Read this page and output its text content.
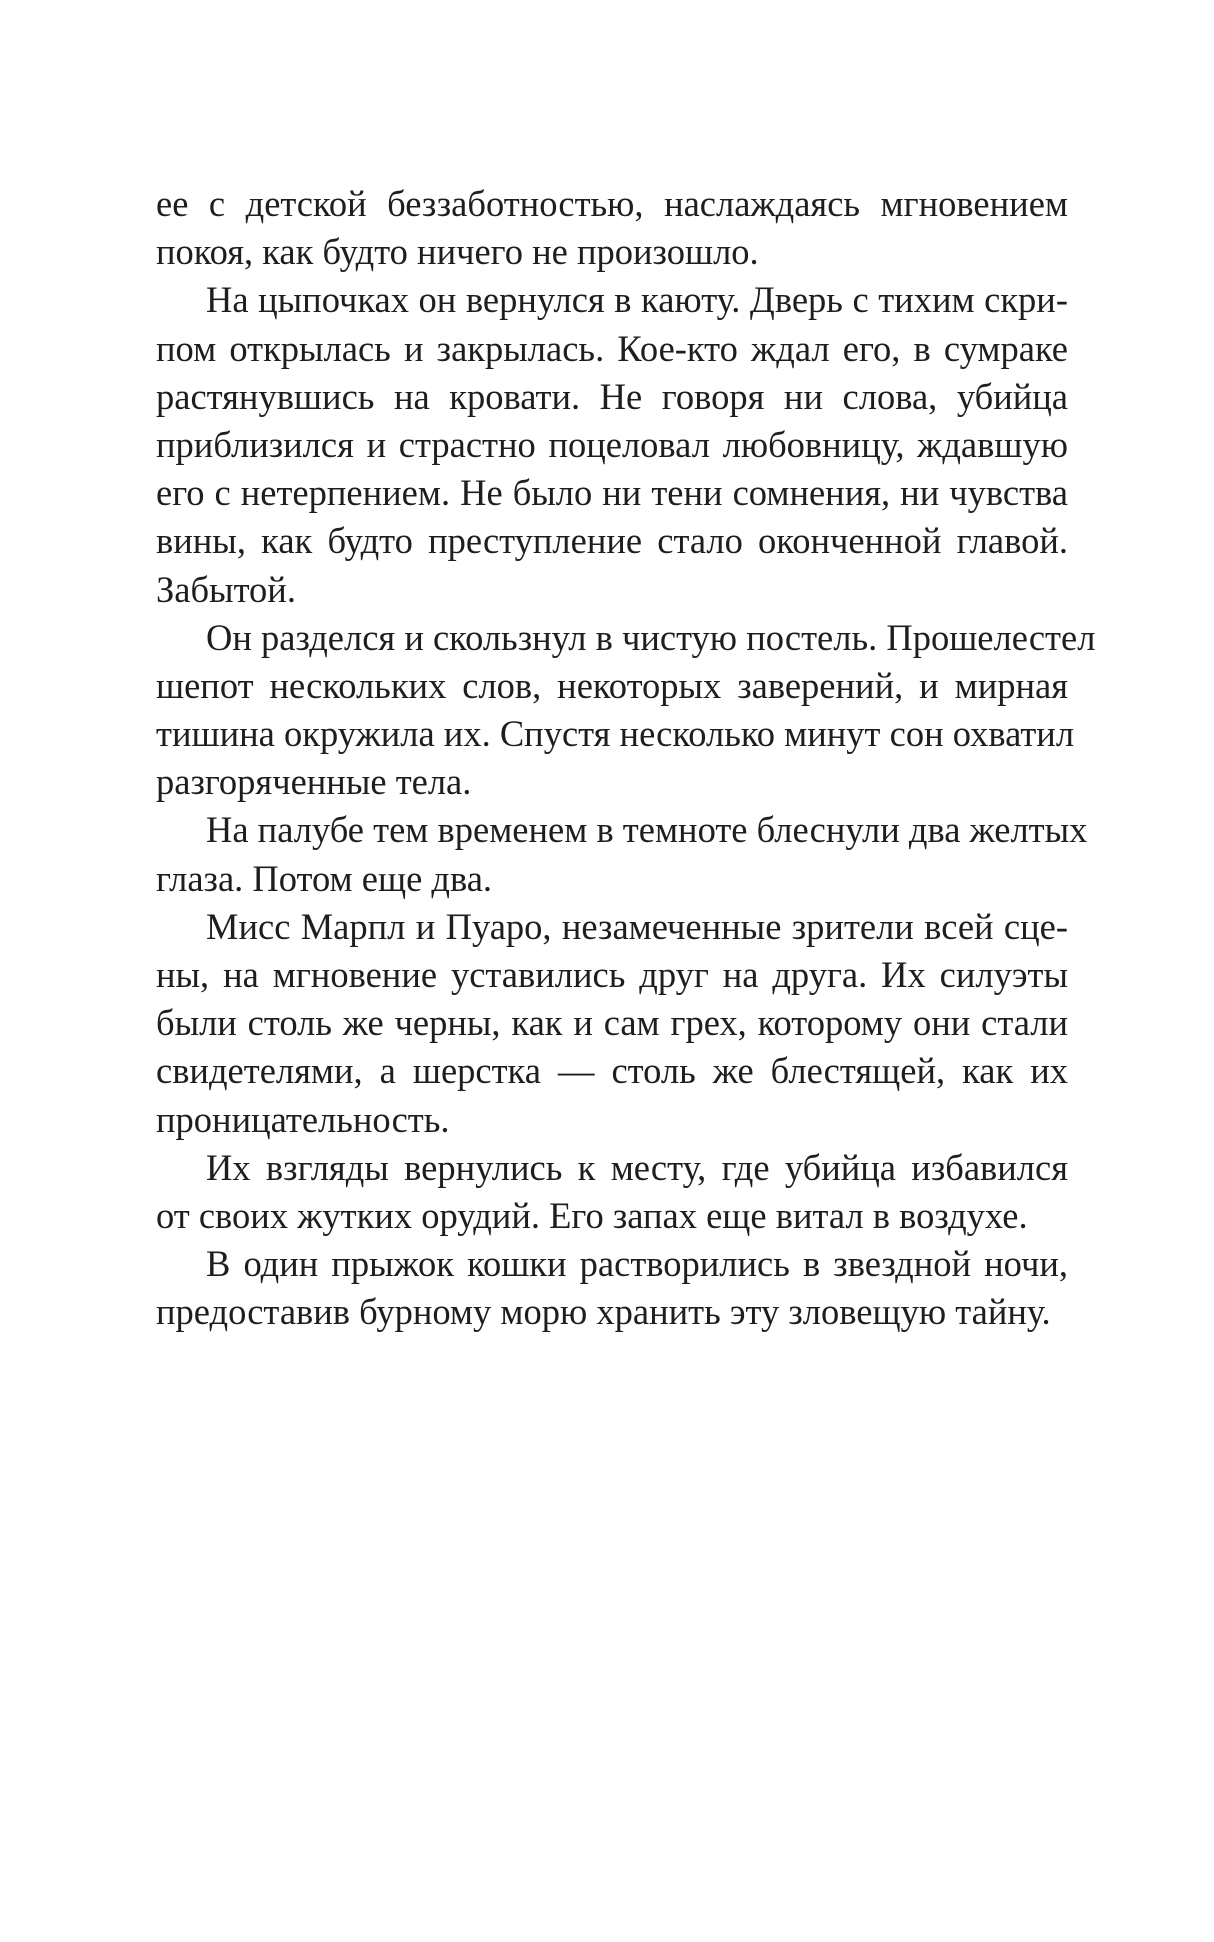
ее с детской беззаботностью, наслаждаясь мгновением
покоя, как будто ничего не произошло.

На цыпочках он вернулся в каюту. Дверь с тихим скри-
пом открылась и закрылась. Кое-кто ждал его, в сумраке
растянувшись на кровати. Не говоря ни слова, убийца
приблизился и страстно поцеловал любовницу, ждавшую
его с нетерпением. Не было ни тени сомнения, ни чувства
вины, как будто преступление стало оконченной главой.
Забытой.

Он разделся и скользнул в чистую постель. Прошелестел
шепот нескольких слов, некоторых заверений, и мирная
тишина окружила их. Спустя несколько минут сон охватил
разгоряченные тела.

На палубе тем временем в темноте блеснули два желтых
глаза. Потом еще два.

Мисс Марпл и Пуаро, незамеченные зрители всей сце-
ны, на мгновение уставились друг на друга. Их силуэты
были столь же черны, как и сам грех, которому они стали
свидетелями, а шерстка — столь же блестящей, как их
проницательность.

Их взгляды вернулись к месту, где убийца избавился
от своих жутких орудий. Его запах еще витал в воздухе.

В один прыжок кошки растворились в звездной ночи,
предоставив бурному морю хранить эту зловещую тайну.
